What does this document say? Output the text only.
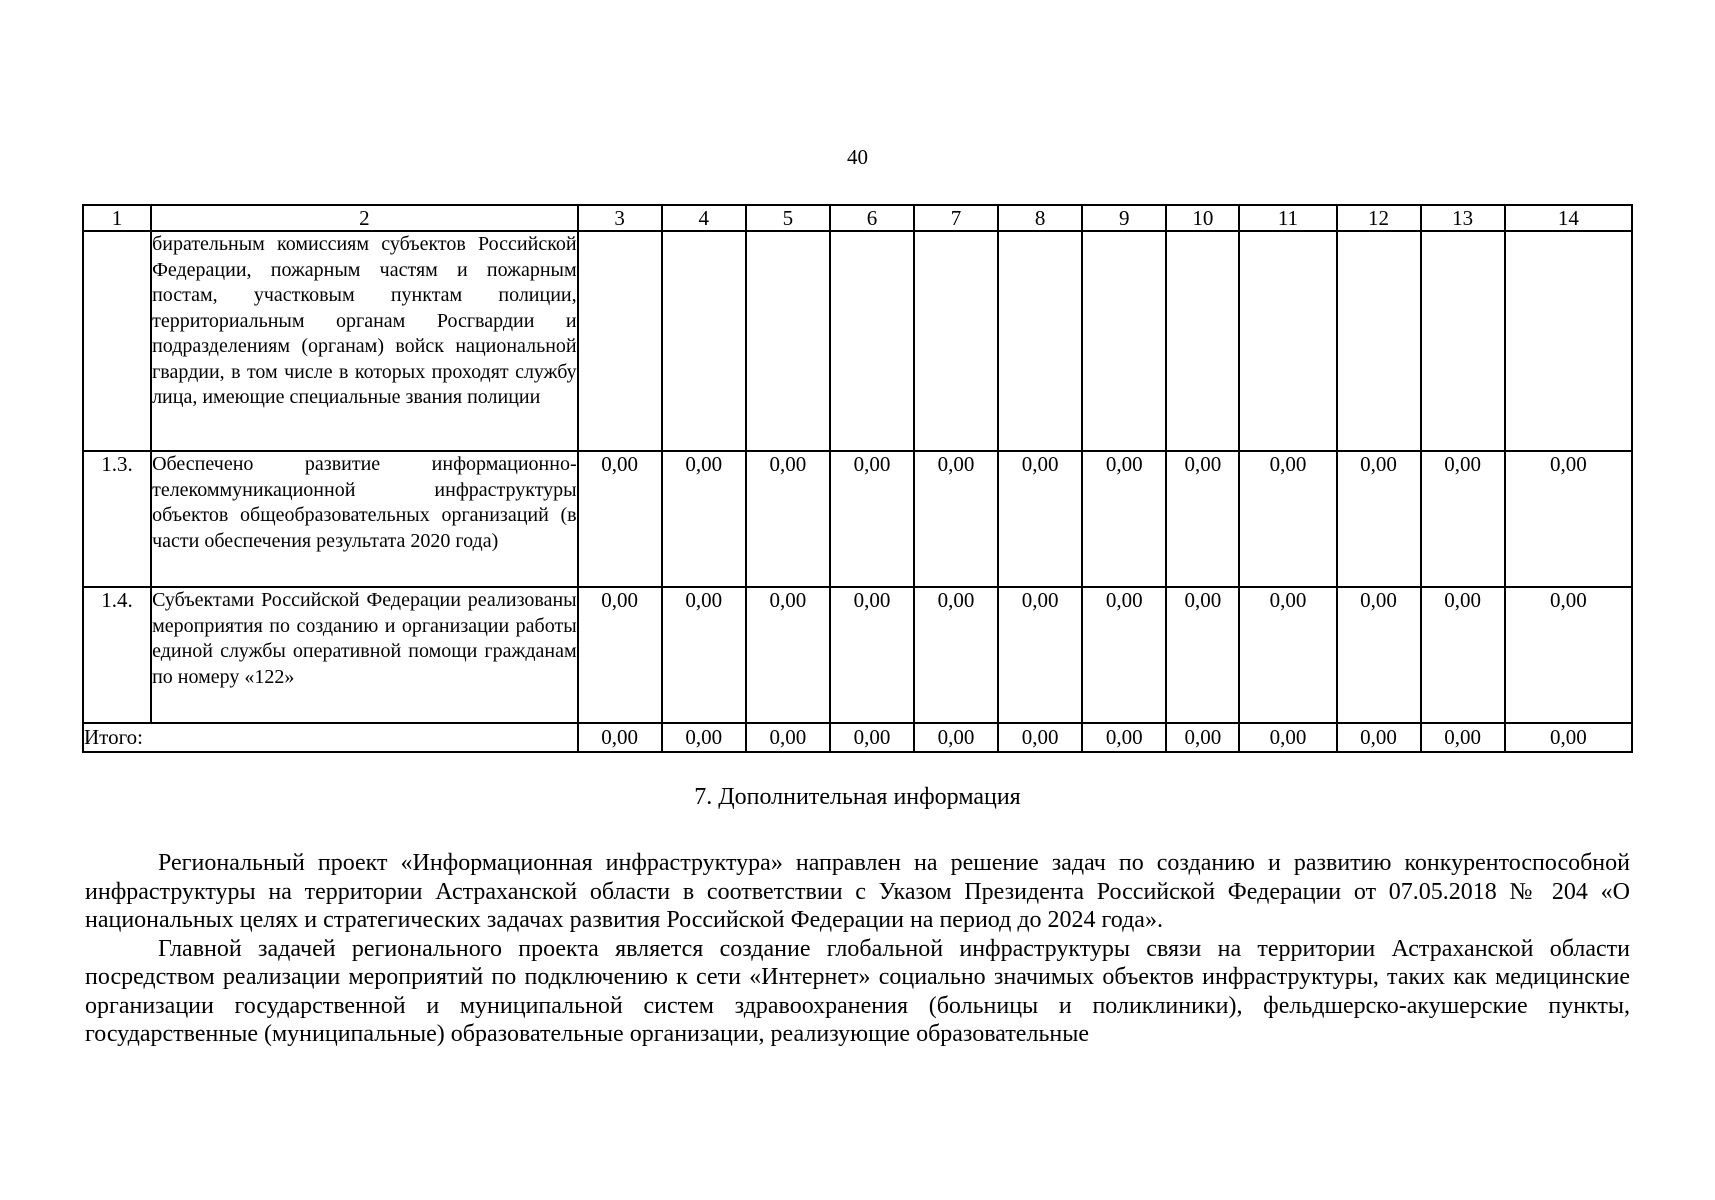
40
1	2	3	4	5	6	7	8	9	10	11	12	13	14
	бирательным комиссиям субъектов Российской Федерации, пожарным частям и пожарным постам, участковым пунктам полиции, территориальным органам Росгвардии и подразделениям (органам) войск национальной гвардии, в том числе в которых проходят службу лица, имеющие специальные звания полиции												
1.3.	Обеспечено развитие информационно-телекоммуникационной инфраструктуры объектов общеобразовательных организаций (в части обеспечения результата 2020 года)	0,00	0,00	0,00	0,00	0,00	0,00	0,00	0,00	0,00	0,00	0,00	0,00
1.4.	Субъектами Российской Федерации реализованы мероприятия по созданию и организации работы единой службы оперативной помощи гражданам по номеру «122»	0,00	0,00	0,00	0,00	0,00	0,00	0,00	0,00	0,00	0,00	0,00	0,00
Итого:		0,00	0,00	0,00	0,00	0,00	0,00	0,00	0,00	0,00	0,00	0,00	0,00
7. Дополнительная информация

Региональный проект «Информационная инфраструктура» направлен на решение задач по созданию и развитию конкурентоспособной инфраструктуры на территории Астраханской области в соответствии с Указом Президента Российской Федерации от 07.05.2018 № 204 «О национальных целях и стратегических задачах развития Российской Федерации на период до 2024 года».

Главной задачей регионального проекта является создание глобальной инфраструктуры связи на территории Астраханской области посредством реализации мероприятий по подключению к сети «Интернет» социально значимых объектов инфраструктуры, таких как медицинские организации государственной и муниципальной систем здравоохранения (больницы и поликлиники), фельдшерско-акушерские пункты, государственные (муниципальные) образовательные организации, реализующие образовательные
